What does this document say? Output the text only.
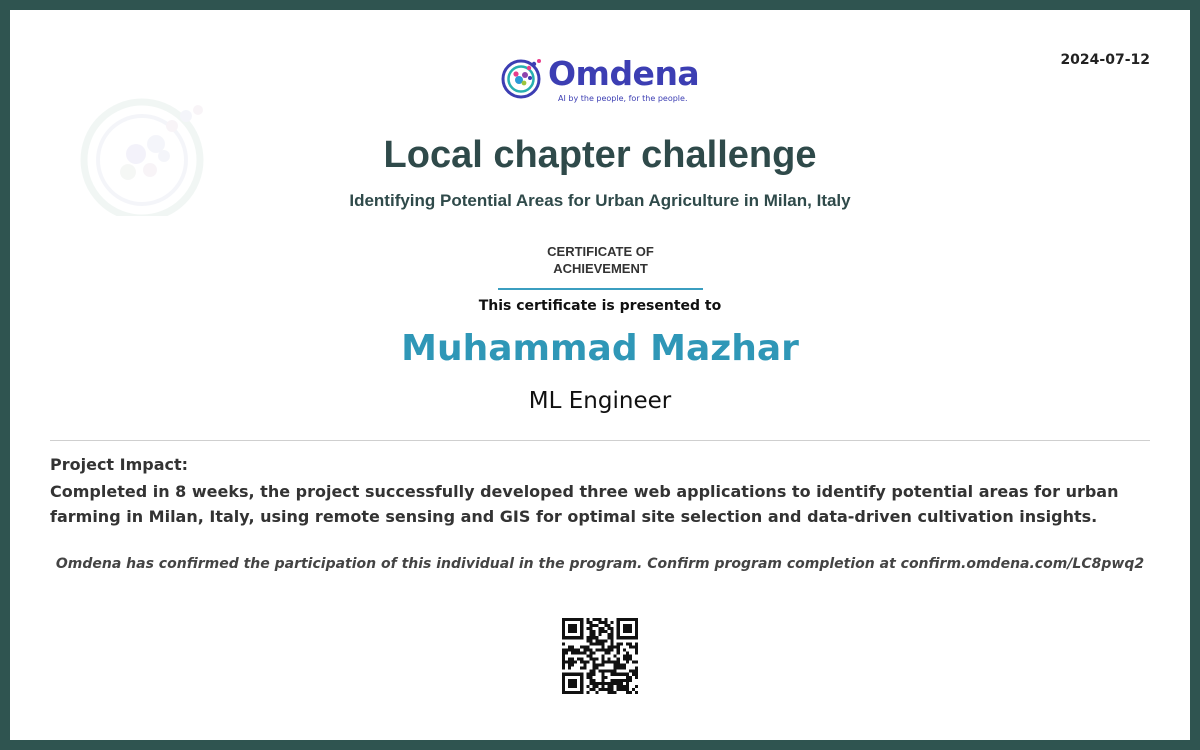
2024-07-12
Omdena
AI by the people, for the people.
Local chapter challenge
Identifying Potential Areas for Urban Agriculture in Milan, Italy
CERTIFICATE OF
ACHIEVEMENT
This certificate is presented to
Muhammad Mazhar
ML Engineer
Project Impact:
Completed in 8 weeks, the project successfully developed three web applications to identify potential areas for urban farming in Milan, Italy, using remote sensing and GIS for optimal site selection and data-driven cultivation insights.
Omdena has confirmed the participation of this individual in the program. Confirm program completion at confirm.omdena.com/LC8pwq2
